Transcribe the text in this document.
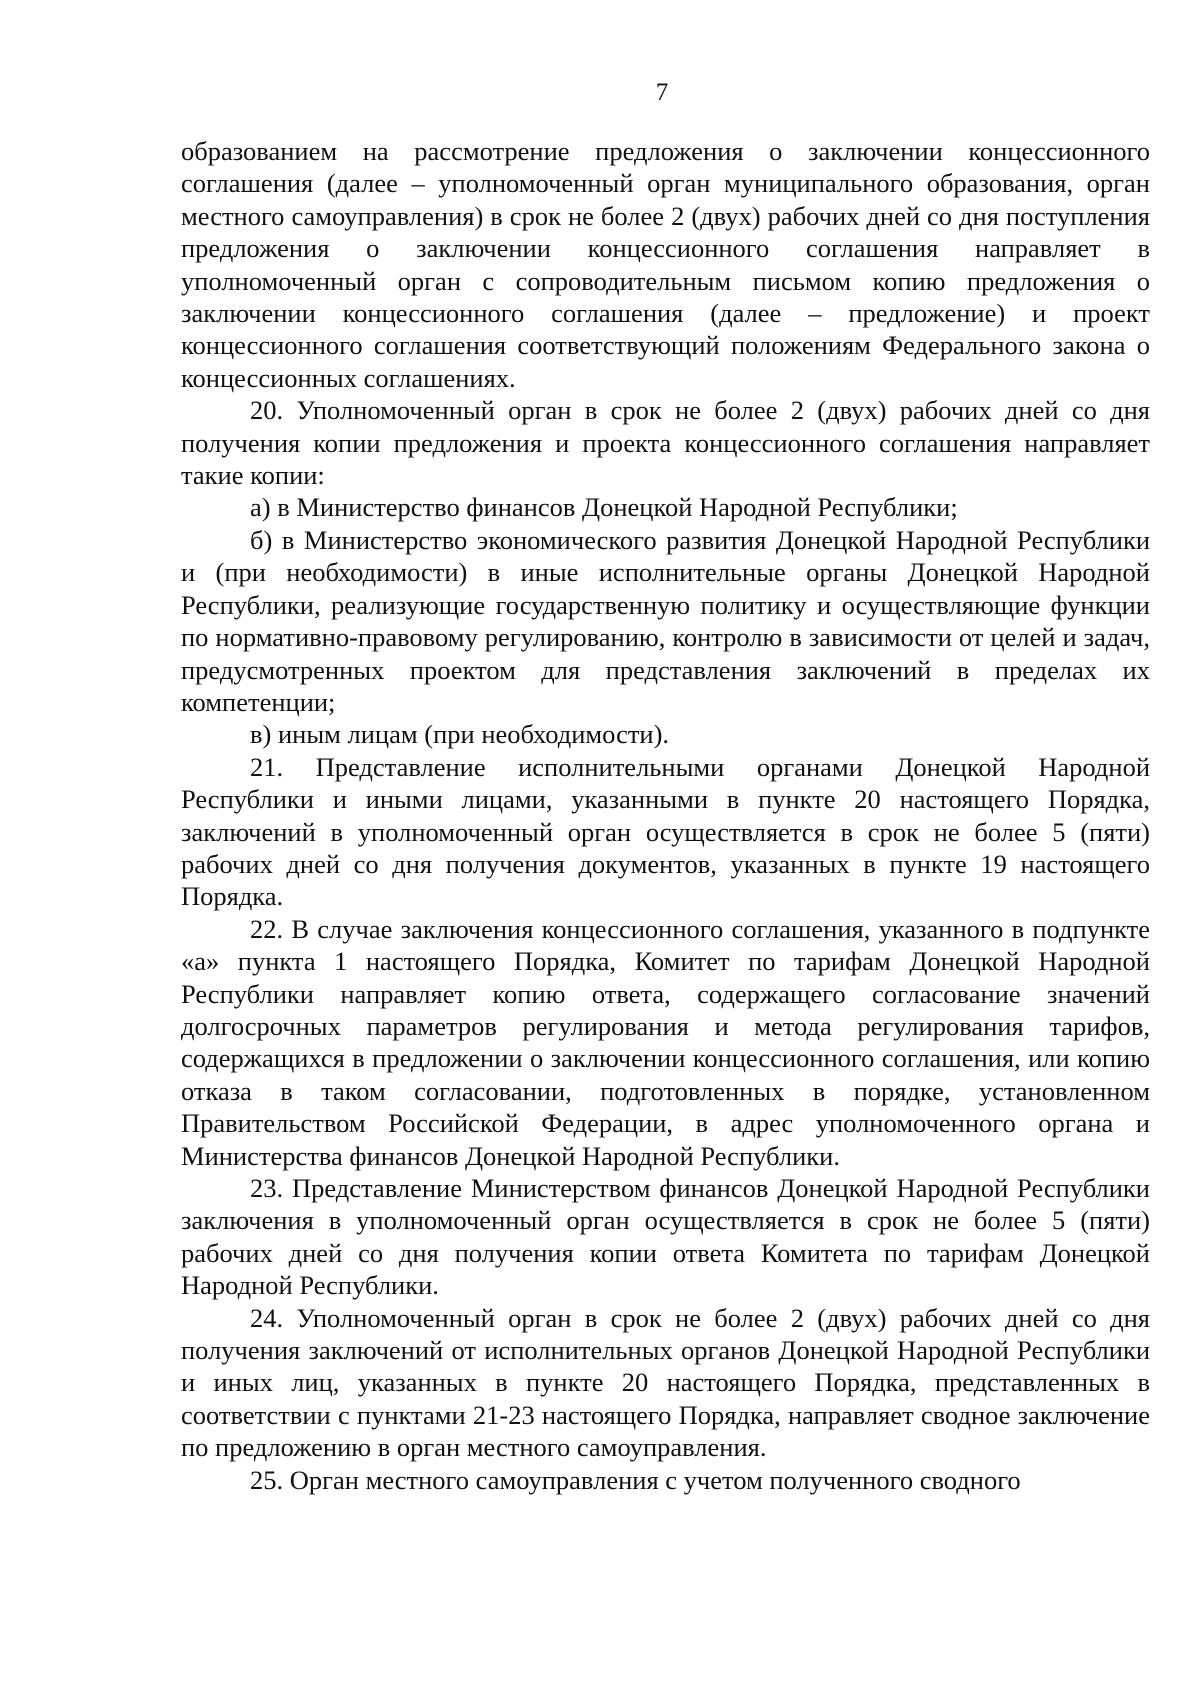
7

образованием на рассмотрение предложения о заключении концессионного соглашения (далее – уполномоченный орган муниципального образования, орган местного самоуправления) в срок не более 2 (двух) рабочих дней со дня поступления предложения о заключении концессионного соглашения направляет в уполномоченный орган с сопроводительным письмом копию предложения о заключении концессионного соглашения (далее – предложение) и проект концессионного соглашения соответствующий положениям Федерального закона о концессионных соглашениях.

20. Уполномоченный орган в срок не более 2 (двух) рабочих дней со дня получения копии предложения и проекта концессионного соглашения направляет такие копии:

а) в Министерство финансов Донецкой Народной Республики;

б) в Министерство экономического развития Донецкой Народной Республики и (при необходимости) в иные исполнительные органы Донецкой Народной Республики, реализующие государственную политику и осуществляющие функции по нормативно-правовому регулированию, контролю в зависимости от целей и задач, предусмотренных проектом для представления заключений в пределах их компетенции;

в) иным лицам (при необходимости).

21. Представление исполнительными органами Донецкой Народной Республики и иными лицами, указанными в пункте 20 настоящего Порядка, заключений в уполномоченный орган осуществляется в срок не более 5 (пяти) рабочих дней со дня получения документов, указанных в пункте 19 настоящего Порядка.

22. В случае заключения концессионного соглашения, указанного в подпункте «а» пункта 1 настоящего Порядка, Комитет по тарифам Донецкой Народной Республики направляет копию ответа, содержащего согласование значений долгосрочных параметров регулирования и метода регулирования тарифов, содержащихся в предложении о заключении концессионного соглашения, или копию отказа в таком согласовании, подготовленных в порядке, установленном Правительством Российской Федерации, в адрес уполномоченного органа и Министерства финансов Донецкой Народной Республики.

23. Представление Министерством финансов Донецкой Народной Республики заключения в уполномоченный орган осуществляется в срок не более 5 (пяти) рабочих дней со дня получения копии ответа Комитета по тарифам Донецкой Народной Республики.

24. Уполномоченный орган в срок не более 2 (двух) рабочих дней со дня получения заключений от исполнительных органов Донецкой Народной Республики и иных лиц, указанных в пункте 20 настоящего Порядка, представленных в соответствии с пунктами 21-23 настоящего Порядка, направляет сводное заключение по предложению в орган местного самоуправления.

25. Орган местного самоуправления с учетом полученного сводного
